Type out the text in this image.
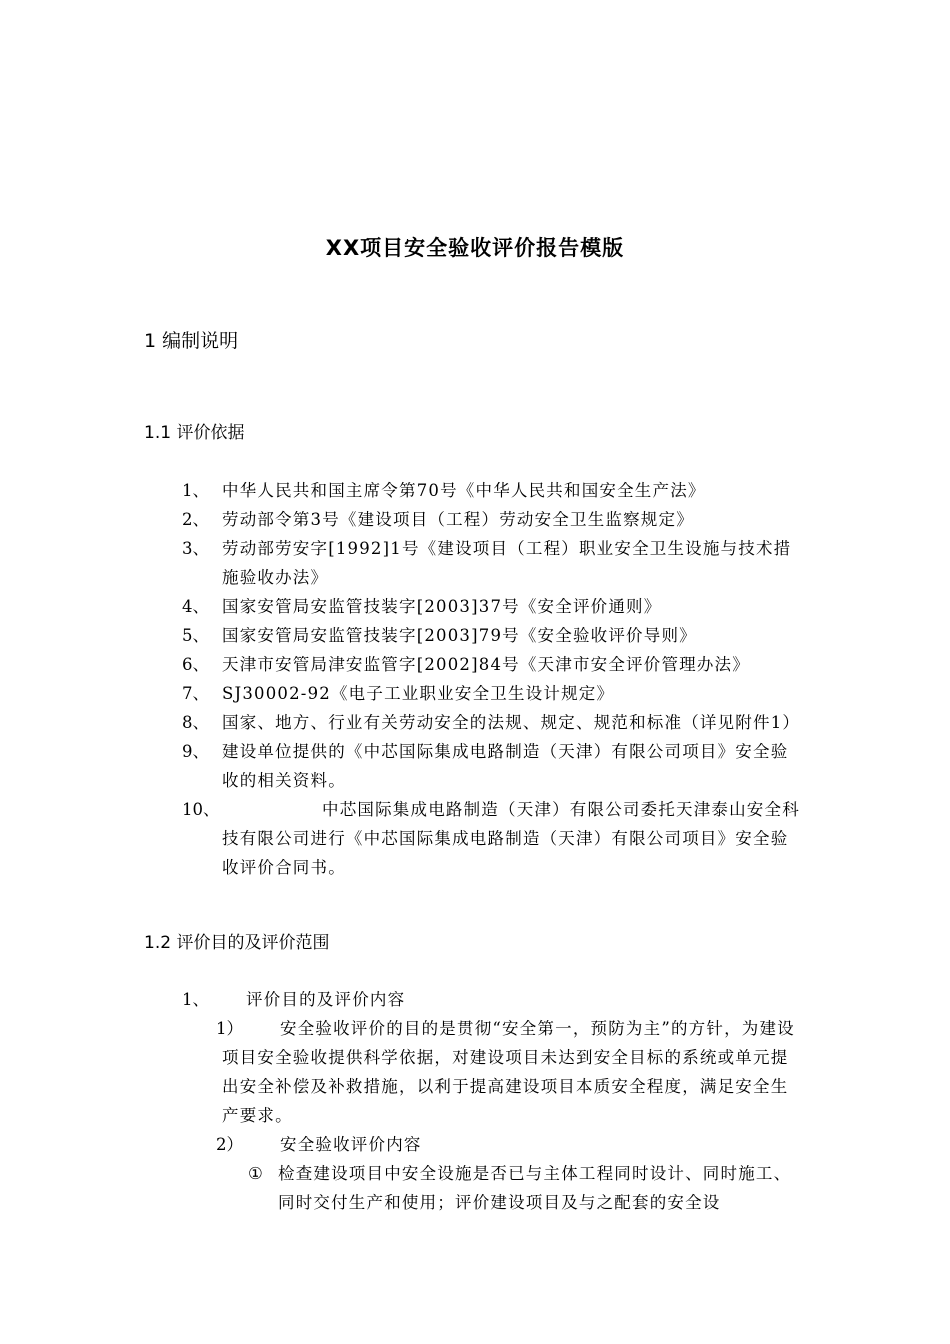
XX项目安全验收评价报告模版
1 编制说明
1.1 评价依据
1、 中华人民共和国主席令第70号《中华人民共和国安全生产法》
2、 劳动部令第3号《建设项目（工程）劳动安全卫生监察规定》
3、 劳动部劳安字[1992]1号《建设项目（工程）职业安全卫生设施与技术措施验收办法》
4、 国家安管局安监管技装字[2003]37号《安全评价通则》
5、 国家安管局安监管技装字[2003]79号《安全验收评价导则》
6、 天津市安管局津安监管字[2002]84号《天津市安全评价管理办法》
7、 SJ30002-92《电子工业职业安全卫生设计规定》
8、 国家、地方、行业有关劳动安全的法规、规定、规范和标准（详见附件1）
9、 建设单位提供的《中芯国际集成电路制造（天津）有限公司项目》安全验收的相关资料。
10、	中芯国际集成电路制造（天津）有限公司委托天津泰山安全科技有限公司进行《中芯国际集成电路制造（天津）有限公司项目》安全验收评价合同书。
1.2 评价目的及评价范围
1、 评价目的及评价内容
1） 安全验收评价的目的是贯彻“安全第一，预防为主”的方针，为建设项目安全验收提供科学依据，对建设项目未达到安全目标的系统或单元提出安全补偿及补救措施，以利于提高建设项目本质安全程度，满足安全生产要求。
2） 安全验收评价内容
① 检查建设项目中安全设施是否已与主体工程同时设计、同时施工、同时交付生产和使用；评价建设项目及与之配套的安全设
